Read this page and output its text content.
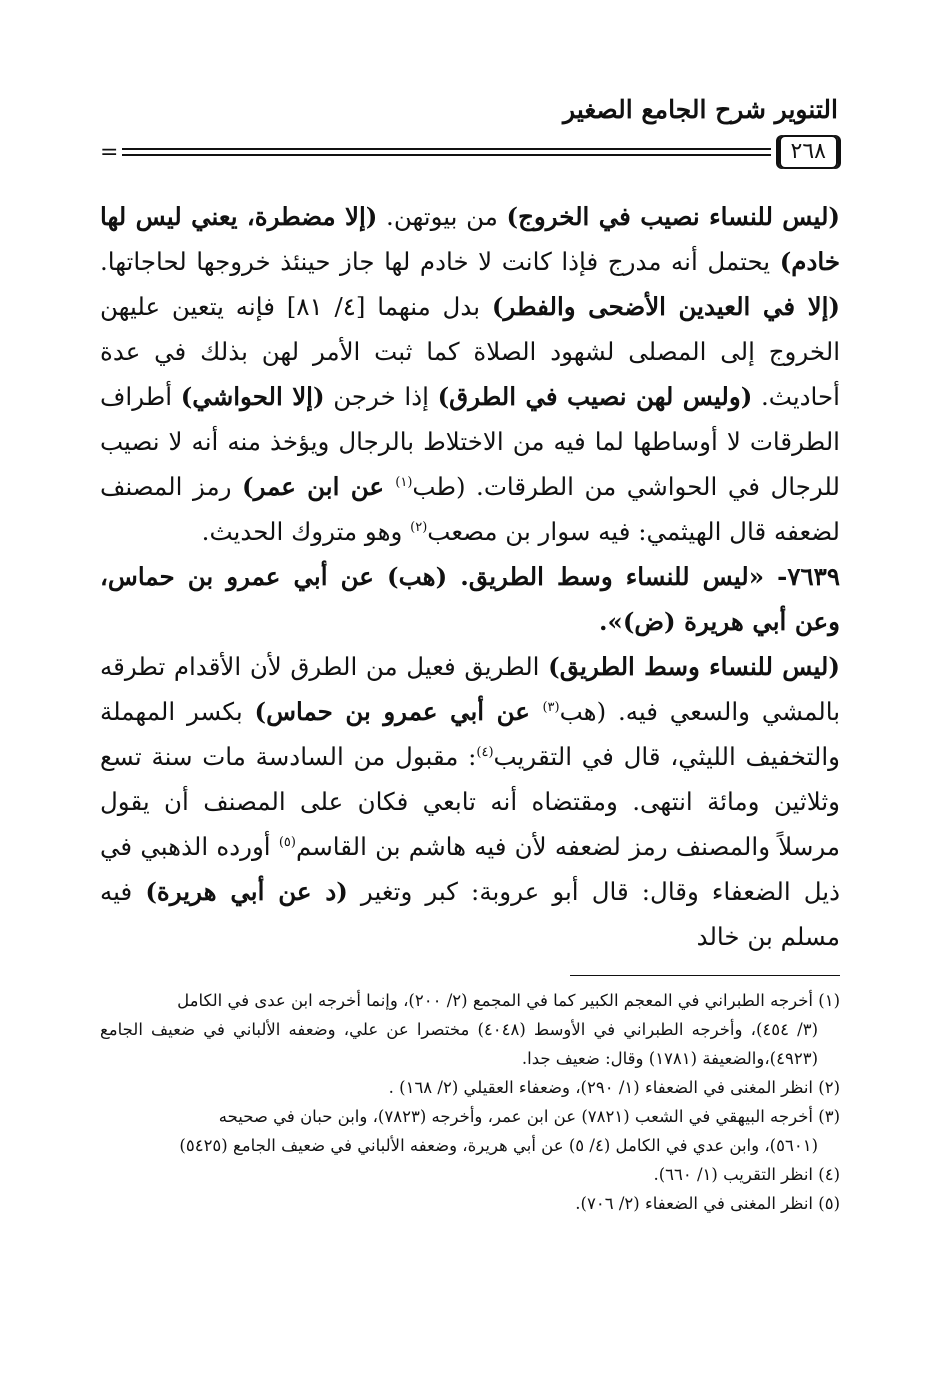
التنوير شرح الجامع الصغير
٢٦٨
=

(ليس للنساء نصيب في الخروج) من بيوتهن. (إلا مضطرة، يعني ليس لها خادم) يحتمل أنه مدرج فإذا كانت لا خادم لها جاز حينئذ خروجها لحاجاتها. (إلا في العيدين الأضحى والفطر) بدل منهما [٤/ ٨١] فإنه يتعين عليهن الخروج إلى المصلى لشهود الصلاة كما ثبت الأمر لهن بذلك في عدة أحاديث. (وليس لهن نصيب في الطرق) إذا خرجن (إلا الحواشي) أطراف الطرقات لا أوساطها لما فيه من الاختلاط بالرجال ويؤخذ منه أنه لا نصيب للرجال في الحواشي من الطرقات. (طب$^{(١)}$ عن ابن عمر) رمز المصنف لضعفه قال الهيثمي: فيه سوار بن مصعب$^{(٢)}$ وهو متروك الحديث.

٧٦٣٩- «ليس للنساء وسط الطريق. (هب) عن أبي عمرو بن حماس، وعن أبي هريرة (ض)».

(ليس للنساء وسط الطريق) الطريق فعيل من الطرق لأن الأقدام تطرقه بالمشي والسعي فيه. (هب$^{(٣)}$ عن أبي عمرو بن حماس) بكسر المهملة والتخفيف الليثي، قال في التقريب$^{(٤)}$: مقبول من السادسة مات سنة تسع وثلاثين ومائة انتهى. ومقتضاه أنه تابعي فكان على المصنف أن يقول مرسلاً والمصنف رمز لضعفه لأن فيه هاشم بن القاسم$^{(٥)}$ أورده الذهبي في ذيل الضعفاء وقال: قال أبو عروبة: كبر وتغير (د عن أبي هريرة) فيه مسلم بن خالد

(١) أخرجه الطبراني في المعجم الكبير كما في المجمع (٢/ ٢٠٠)، وإنما أخرجه ابن عدى في الكامل

(٣/ ٤٥٤)، وأخرجه الطبراني في الأوسط (٤٠٤٨) مختصرا عن علي، وضعفه الألباني في ضعيف الجامع (٤٩٢٣)،والضعيفة (١٧٨١) وقال: ضعيف جدا.

(٢) انظر المغنى في الضعفاء (١/ ٢٩٠)، وضعفاء العقيلي (٢/ ١٦٨) .

(٣) أخرجه البيهقي في الشعب (٧٨٢١) عن ابن عمر، وأخرجه (٧٨٢٣)، وابن حبان في صحيحه

(٥٦٠١)، وابن عدي في الكامل (٤/ ٥) عن أبي هريرة، وضعفه الألباني في ضعيف الجامع (٥٤٢٥)

(٤) انظر التقريب (١/ ٦٦٠).

(٥) انظر المغنى في الضعفاء (٢/ ٧٠٦).
